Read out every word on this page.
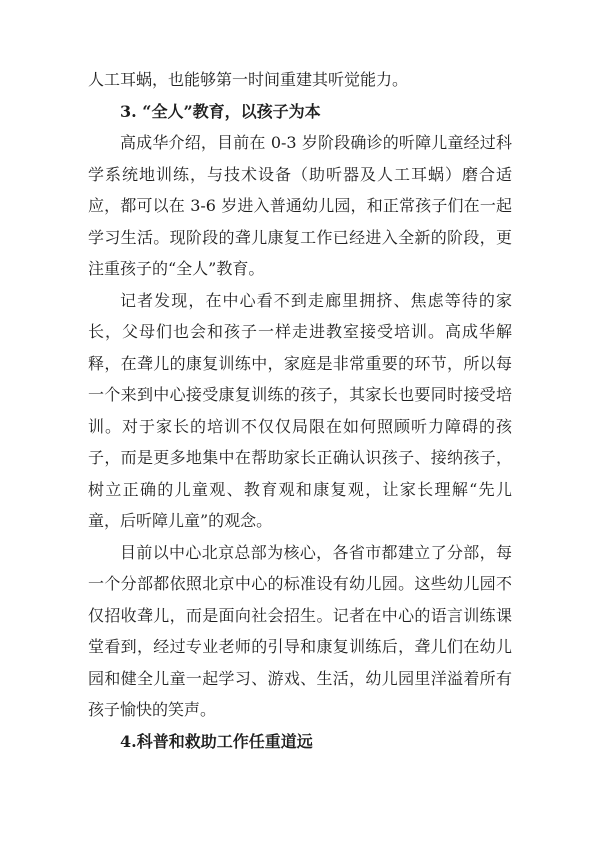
人工耳蜗，也能够第一时间重建其听觉能力。

3. “全人”教育，以孩子为本

高成华介绍，目前在 0-3 岁阶段确诊的听障儿童经过科学系统地训练，与技术设备（助听器及人工耳蜗）磨合适应，都可以在 3-6 岁进入普通幼儿园，和正常孩子们在一起学习生活。现阶段的聋儿康复工作已经进入全新的阶段，更注重孩子的“全人”教育。

记者发现，在中心看不到走廊里拥挤、焦虑等待的家长，父母们也会和孩子一样走进教室接受培训。高成华解释，在聋儿的康复训练中，家庭是非常重要的环节，所以每一个来到中心接受康复训练的孩子，其家长也要同时接受培训。对于家长的培训不仅仅局限在如何照顾听力障碍的孩子，而是更多地集中在帮助家长正确认识孩子、接纳孩子，树立正确的儿童观、教育观和康复观，让家长理解“先儿童，后听障儿童”的观念。

目前以中心北京总部为核心，各省市都建立了分部，每一个分部都依照北京中心的标准设有幼儿园。这些幼儿园不仅招收聋儿，而是面向社会招生。记者在中心的语言训练课堂看到，经过专业老师的引导和康复训练后，聋儿们在幼儿园和健全儿童一起学习、游戏、生活，幼儿园里洋溢着所有孩子愉快的笑声。

4.科普和救助工作任重道远
